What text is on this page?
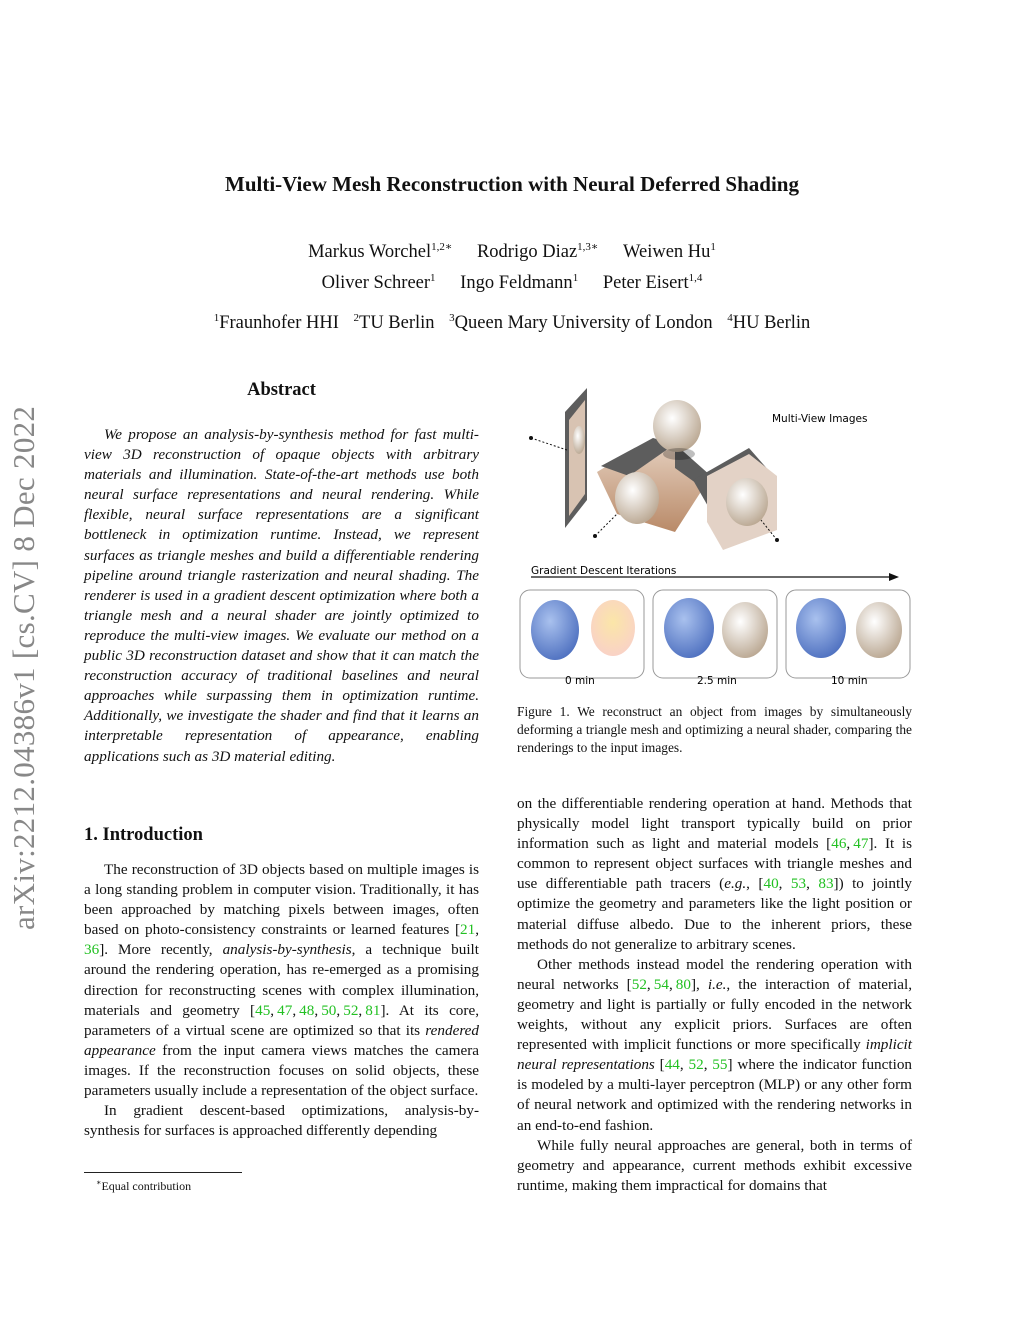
Multi-View Mesh Reconstruction with Neural Deferred Shading
Markus Worchel$^{1,2∗}$ Rodrigo Diaz$^{1,3∗}$ Weiwen Hu$^1$
Oliver Schreer$^1$ Ingo Feldmann$^1$ Peter Eisert$^{1,4}$
$^1$Fraunhofer HHI $^2$TU Berlin $^3$Queen Mary University of London $^4$HU Berlin
arXiv:2212.04386v1 [cs.CV] 8 Dec 2022
Abstract
We propose an analysis-by-synthesis method for fast multi-view 3D reconstruction of opaque objects with arbitrary materials and illumination. State-of-the-art methods use both neural surface representations and neural rendering. While flexible, neural surface representations are a significant bottleneck in optimization runtime. Instead, we represent surfaces as triangle meshes and build a differentiable rendering pipeline around triangle rasterization and neural shading. The renderer is used in a gradient descent optimization where both a triangle mesh and a neural shader are jointly optimized to reproduce the multi-view images. We evaluate our method on a public 3D reconstruction dataset and show that it can match the reconstruction accuracy of traditional baselines and neural approaches while surpassing them in optimization runtime. Additionally, we investigate the shader and find that it learns an interpretable representation of appearance, enabling applications such as 3D material editing.
1. Introduction

The reconstruction of 3D objects based on multiple images is a long standing problem in computer vision. Traditionally, it has been approached by matching pixels between images, often based on photo-consistency constraints or learned features [21, 36]. More recently, analysis-by-synthesis, a technique built around the rendering operation, has re-emerged as a promising direction for reconstructing scenes with complex illumination, materials and geometry [45, 47, 48, 50, 52, 81]. At its core, parameters of a virtual scene are optimized so that its rendered appearance from the input camera views matches the camera images. If the reconstruction focuses on solid objects, these parameters usually include a representation of the object surface.

In gradient descent-based optimizations, analysis-by-synthesis for surfaces is approached differently depending

∗Equal contribution
Multi-View Images
Gradient Descent Iterations
0 min	2.5 min	10 min
Figure 1. We reconstruct an object from images by simultaneously deforming a triangle mesh and optimizing a neural shader, comparing the renderings to the input images.

on the differentiable rendering operation at hand. Methods that physically model light transport typically build on prior information such as light and material models [46, 47]. It is common to represent object surfaces with triangle meshes and use differentiable path tracers (e.g., [40, 53, 83]) to jointly optimize the geometry and parameters like the light position or material diffuse albedo. Due to the inherent priors, these methods do not generalize to arbitrary scenes.

Other methods instead model the rendering operation with neural networks [52, 54, 80], i.e., the interaction of material, geometry and light is partially or fully encoded in the network weights, without any explicit priors. Surfaces are often represented with implicit functions or more specifically implicit neural representations [44, 52, 55] where the indicator function is modeled by a multi-layer perceptron (MLP) or any other form of neural network and optimized with the rendering networks in an end-to-end fashion.

While fully neural approaches are general, both in terms of geometry and appearance, current methods exhibit excessive runtime, making them impractical for domains that
